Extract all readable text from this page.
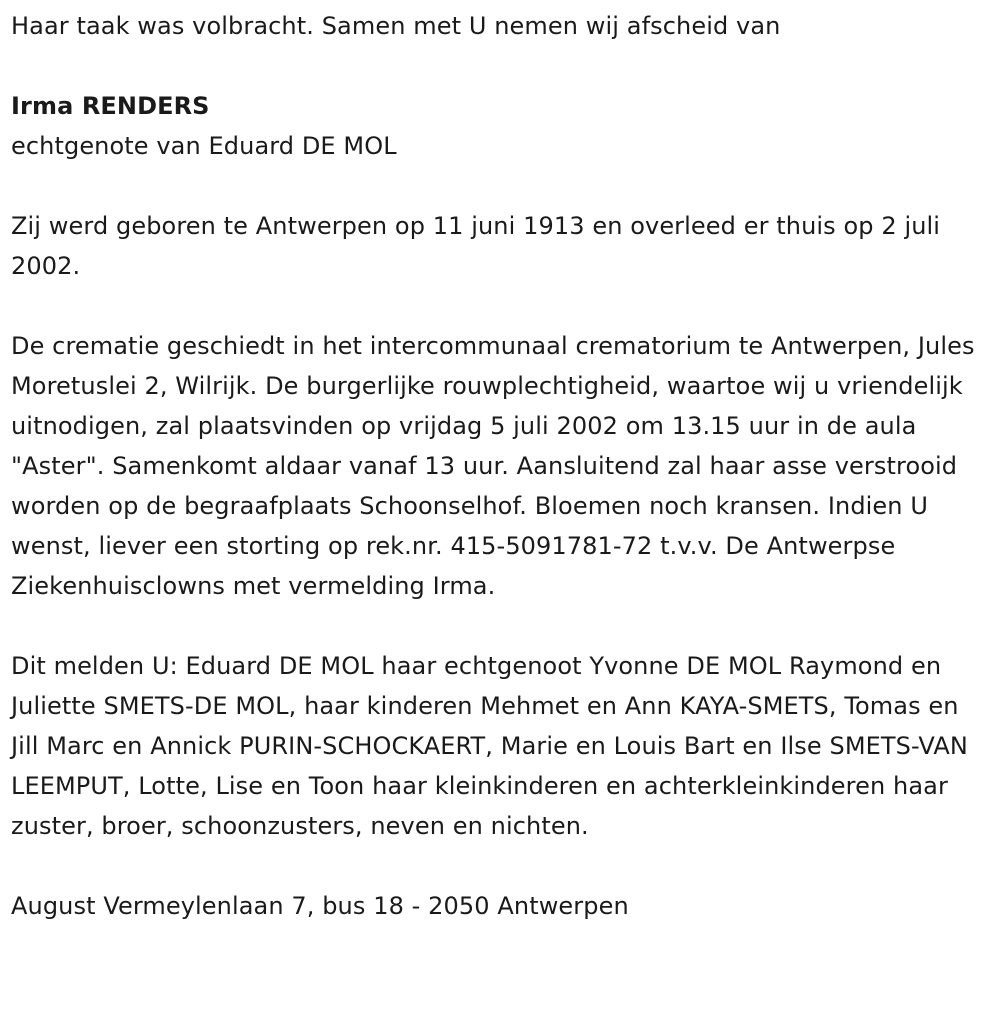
Haar taak was volbracht. Samen met U nemen wij afscheid van

Irma RENDERS

echtgenote van Eduard DE MOL

Zij werd geboren te Antwerpen op 11 juni 1913 en overleed er thuis op 2 juli 2002.

De crematie geschiedt in het intercommunaal crematorium te Antwerpen, Jules Moretuslei 2, Wilrijk. De burgerlijke rouwplechtigheid, waartoe wij u vriendelijk uitnodigen, zal plaatsvinden op vrijdag 5 juli 2002 om 13.15 uur in de aula "Aster". Samenkomt aldaar vanaf 13 uur. Aansluitend zal haar asse verstrooid worden op de begraafplaats Schoonselhof. Bloemen noch kransen. Indien U wenst, liever een storting op rek.nr. 415-5091781-72 t.v.v. De Antwerpse Ziekenhuisclowns met vermelding Irma.

Dit melden U: Eduard DE MOL haar echtgenoot Yvonne DE MOL Raymond en Juliette SMETS-DE MOL, haar kinderen Mehmet en Ann KAYA-SMETS, Tomas en Jill Marc en Annick PURIN-SCHOCKAERT, Marie en Louis Bart en Ilse SMETS-VAN LEEMPUT, Lotte, Lise en Toon haar kleinkinderen en achterkleinkinderen haar zuster, broer, schoonzusters, neven en nichten.

August Vermeylenlaan 7, bus 18 - 2050 Antwerpen
